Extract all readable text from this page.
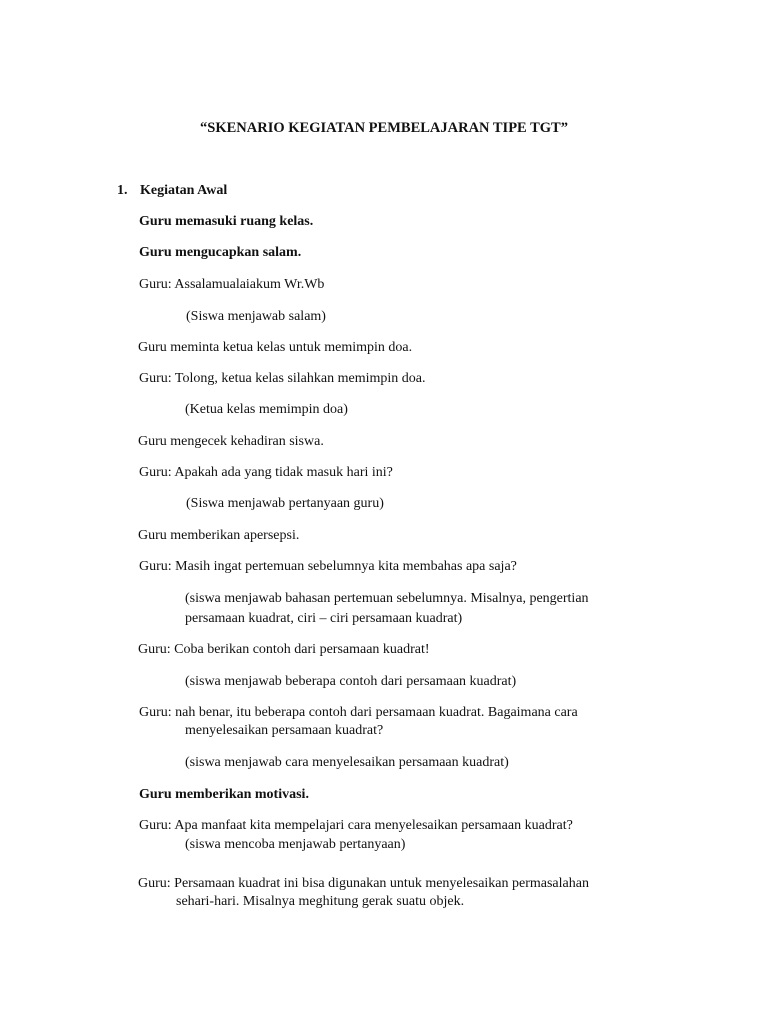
“SKENARIO KEGIATAN PEMBELAJARAN TIPE TGT”
1. Kegiatan Awal
Guru memasuki ruang kelas.
Guru mengucapkan salam.
Guru: Assalamualaiakum Wr.Wb
(Siswa menjawab salam)
Guru meminta ketua kelas untuk memimpin doa.
Guru: Tolong, ketua kelas silahkan memimpin doa.
(Ketua kelas memimpin doa)
Guru mengecek kehadiran siswa.
Guru: Apakah ada yang tidak masuk hari ini?
(Siswa menjawab pertanyaan guru)
Guru memberikan apersepsi.
Guru: Masih ingat pertemuan sebelumnya kita membahas apa saja?
(siswa menjawab bahasan pertemuan sebelumnya. Misalnya, pengertian
persamaan kuadrat, ciri – ciri persamaan kuadrat)
Guru: Coba berikan contoh dari persamaan kuadrat!
(siswa menjawab beberapa contoh dari persamaan kuadrat)
Guru: nah benar, itu beberapa contoh dari persamaan kuadrat. Bagaimana cara
menyelesaikan persamaan kuadrat?
(siswa menjawab cara menyelesaikan persamaan kuadrat)
Guru memberikan motivasi.
Guru: Apa manfaat kita mempelajari cara menyelesaikan persamaan kuadrat?
(siswa mencoba menjawab pertanyaan)
Guru: Persamaan kuadrat ini bisa digunakan untuk menyelesaikan permasalahan
sehari-hari. Misalnya meghitung gerak suatu objek.
